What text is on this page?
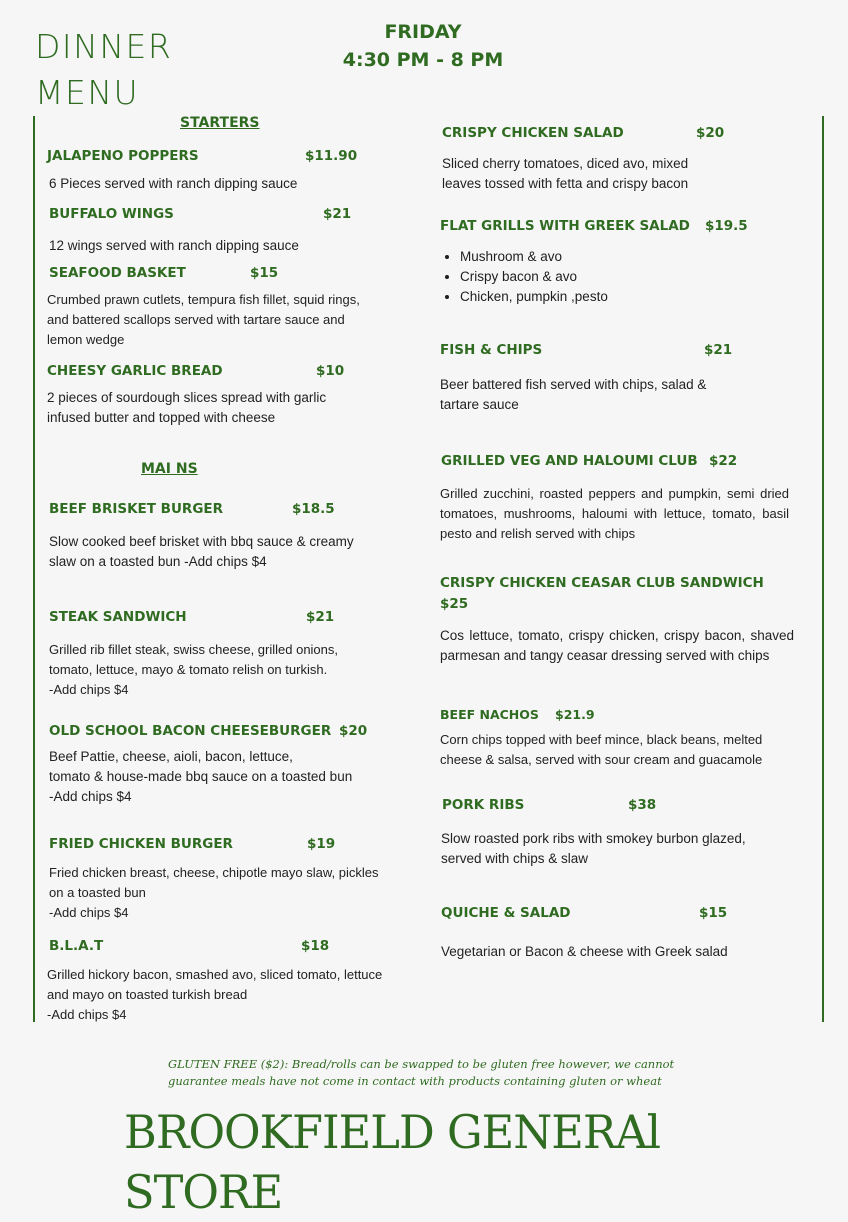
DINNER
MENU
FRIDAY
4:30 PM - 8 PM
STARTERS
MAI NS
JALAPENO POPPERS	$11.90
6 Pieces served with ranch dipping sauce
BUFFALO WINGS	$21
12 wings served with ranch dipping sauce
SEAFOOD BASKET	$15
Crumbed prawn cutlets, tempura fish fillet, squid rings,
and battered scallops served with tartare sauce and
lemon wedge
CHEESY GARLIC BREAD	$10
2 pieces of sourdough slices spread with garlic
infused butter and topped with cheese
BEEF BRISKET BURGER	$18.5
Slow cooked beef brisket with bbq sauce & creamy
slaw on a toasted bun -Add chips $4
STEAK SANDWICH	$21
Grilled rib fillet steak, swiss cheese, grilled onions,
tomato, lettuce, mayo & tomato relish on turkish.
-Add chips $4
OLD SCHOOL BACON CHEESEBURGER $20
Beef Pattie, cheese, aioli, bacon, lettuce,
tomato & house-made bbq sauce on a toasted bun
-Add chips $4
FRIED CHICKEN BURGER	$19
Fried chicken breast, cheese, chipotle mayo slaw, pickles
on a toasted bun
-Add chips $4
B.L.A.T	$18
Grilled hickory bacon, smashed avo, sliced tomato, lettuce
and mayo on toasted turkish bread
-Add chips $4
CRISPY CHICKEN SALAD	$20
Sliced cherry tomatoes, diced avo, mixed
leaves tossed with fetta and crispy bacon
FLAT GRILLS WITH GREEK SALAD $19.5
• Mushroom & avo
• Crispy bacon & avo
• Chicken, pumpkin ,pesto
FISH & CHIPS	$21
Beer battered fish served with chips, salad &
tartare sauce
GRILLED VEG AND HALOUMI CLUB $22
Grilled zucchini, roasted peppers and pumpkin, semi dried tomatoes, mushrooms, haloumi with lettuce, tomato, basil pesto and relish served with chips
CRISPY CHICKEN CEASAR CLUB SANDWICH
$25
Cos lettuce, tomato, crispy chicken, crispy bacon, shaved parmesan and tangy ceasar dressing served with chips
BEEF NACHOS $21.9
Corn chips topped with beef mince, black beans, melted
cheese & salsa, served with sour cream and guacamole
PORK RIBS	$38
Slow roasted pork ribs with smokey burbon glazed,
served with chips & slaw
QUICHE & SALAD	$15
Vegetarian or Bacon & cheese with Greek salad
GLUTEN FREE ($2): Bread/rolls can be swapped to be gluten free however, we cannot
guarantee meals have not come in contact with products containing gluten or wheat
BROOKFIELD GENERAl STORE
